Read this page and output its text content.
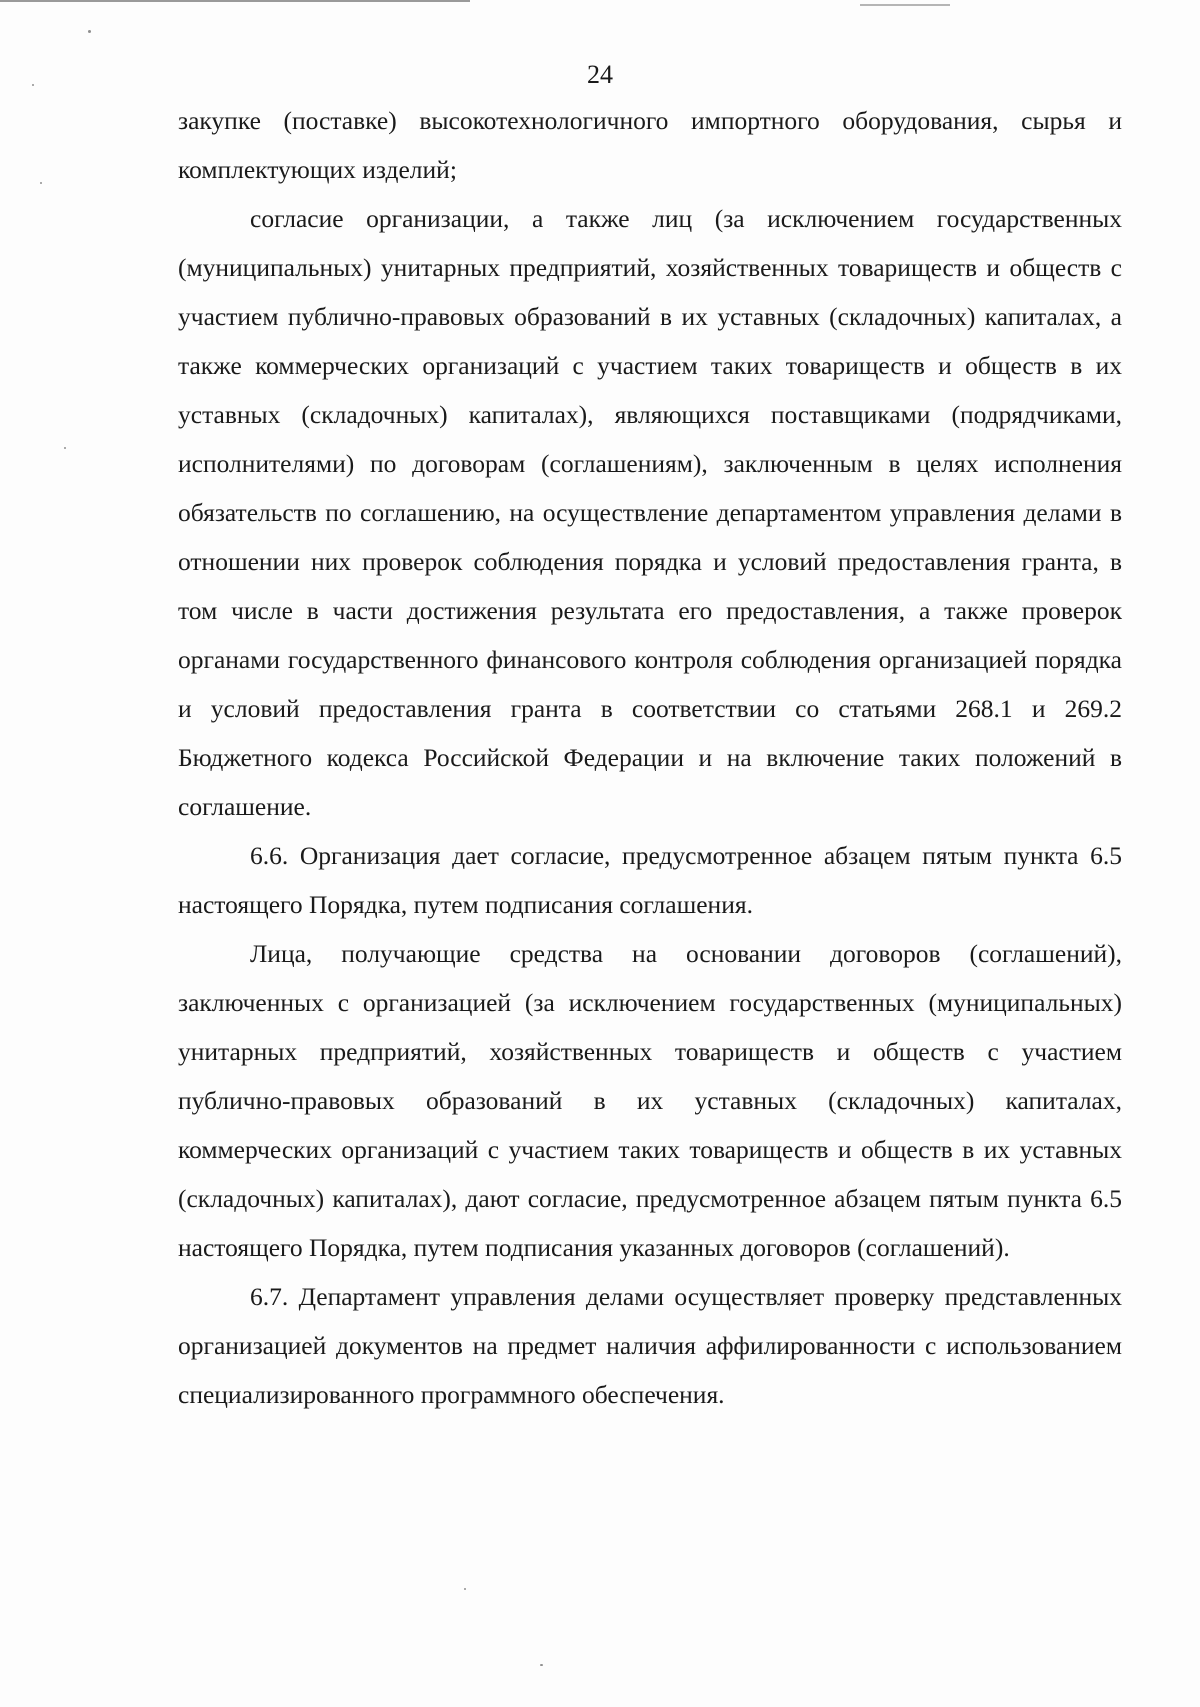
24

закупке (поставке) высокотехнологичного импортного оборудования, сырья и комплектующих изделий;

согласие организации, а также лиц (за исключением государственных (муниципальных) унитарных предприятий, хозяйственных товариществ и обществ с участием публично-правовых образований в их уставных (складочных) капиталах, а также коммерческих организаций с участием таких товариществ и обществ в их уставных (складочных) капиталах), являющихся поставщиками (подрядчиками, исполнителями) по договорам (соглашениям), заключенным в целях исполнения обязательств по соглашению, на осуществление департаментом управления делами в отношении них проверок соблюдения порядка и условий предоставления гранта, в том числе в части достижения результата его предоставления, а также проверок органами государственного финансового контроля соблюдения организацией порядка и условий предоставления гранта в соответствии со статьями 268.1 и 269.2 Бюджетного кодекса Российской Федерации и на включение таких положений в соглашение.

6.6. Организация дает согласие, предусмотренное абзацем пятым пункта 6.5 настоящего Порядка, путем подписания соглашения.

Лица, получающие средства на основании договоров (соглашений), заключенных с организацией (за исключением государственных (муниципальных) унитарных предприятий, хозяйственных товариществ и обществ с участием публично-правовых образований в их уставных (складочных) капиталах, коммерческих организаций с участием таких товариществ и обществ в их уставных (складочных) капиталах), дают согласие, предусмотренное абзацем пятым пункта 6.5 настоящего Порядка, путем подписания указанных договоров (соглашений).

6.7. Департамент управления делами осуществляет проверку представленных организацией документов на предмет наличия аффилированности с использованием специализированного программного обеспечения.
